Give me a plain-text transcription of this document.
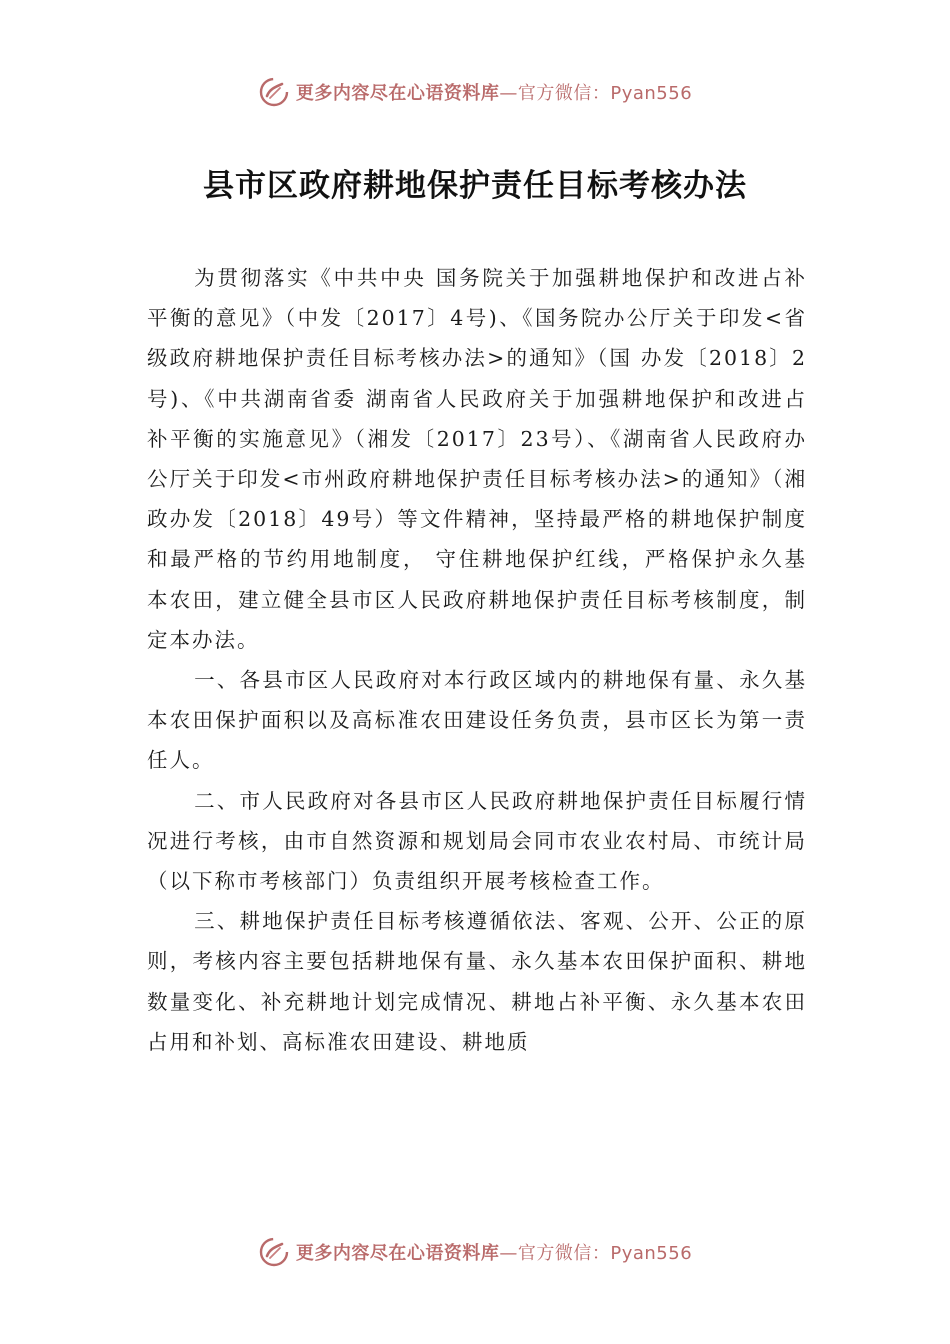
更多内容尽在心语资料库—官方微信：Pyan556
县市区政府耕地保护责任目标考核办法

为贯彻落实《中共中央 国务院关于加强耕地保护和改进占补平衡的意见》（中发〔2017〕4号)、《国务院办公厅关于印发<省级政府耕地保护责任目标考核办法>的通知》（国 办发〔2018〕2号)、《中共湖南省委 湖南省人民政府关于加强耕地保护和改进占补平衡的实施意见》（湘发〔2017〕23号）、《湖南省人民政府办公厅关于印发<市州政府耕地保护责任目标考核办法>的通知》（湘政办发〔2018〕49号）等文件精神，坚持最严格的耕地保护制度和最严格的节约用地制度， 守住耕地保护红线，严格保护永久基本农田，建立健全县市区人民政府耕地保护责任目标考核制度，制定本办法。

一、各县市区人民政府对本行政区域内的耕地保有量、永久基本农田保护面积以及高标准农田建设任务负责，县市区长为第一责任人。

二、市人民政府对各县市区人民政府耕地保护责任目标履行情况进行考核，由市自然资源和规划局会同市农业农村局、市统计局（以下称市考核部门）负责组织开展考核检查工作。

三、耕地保护责任目标考核遵循依法、客观、公开、公正的原则，考核内容主要包括耕地保有量、永久基本农田保护面积、耕地数量变化、补充耕地计划完成情况、耕地占补平衡、永久基本农田占用和补划、高标准农田建设、耕地质

更多内容尽在心语资料库—官方微信：Pyan556
